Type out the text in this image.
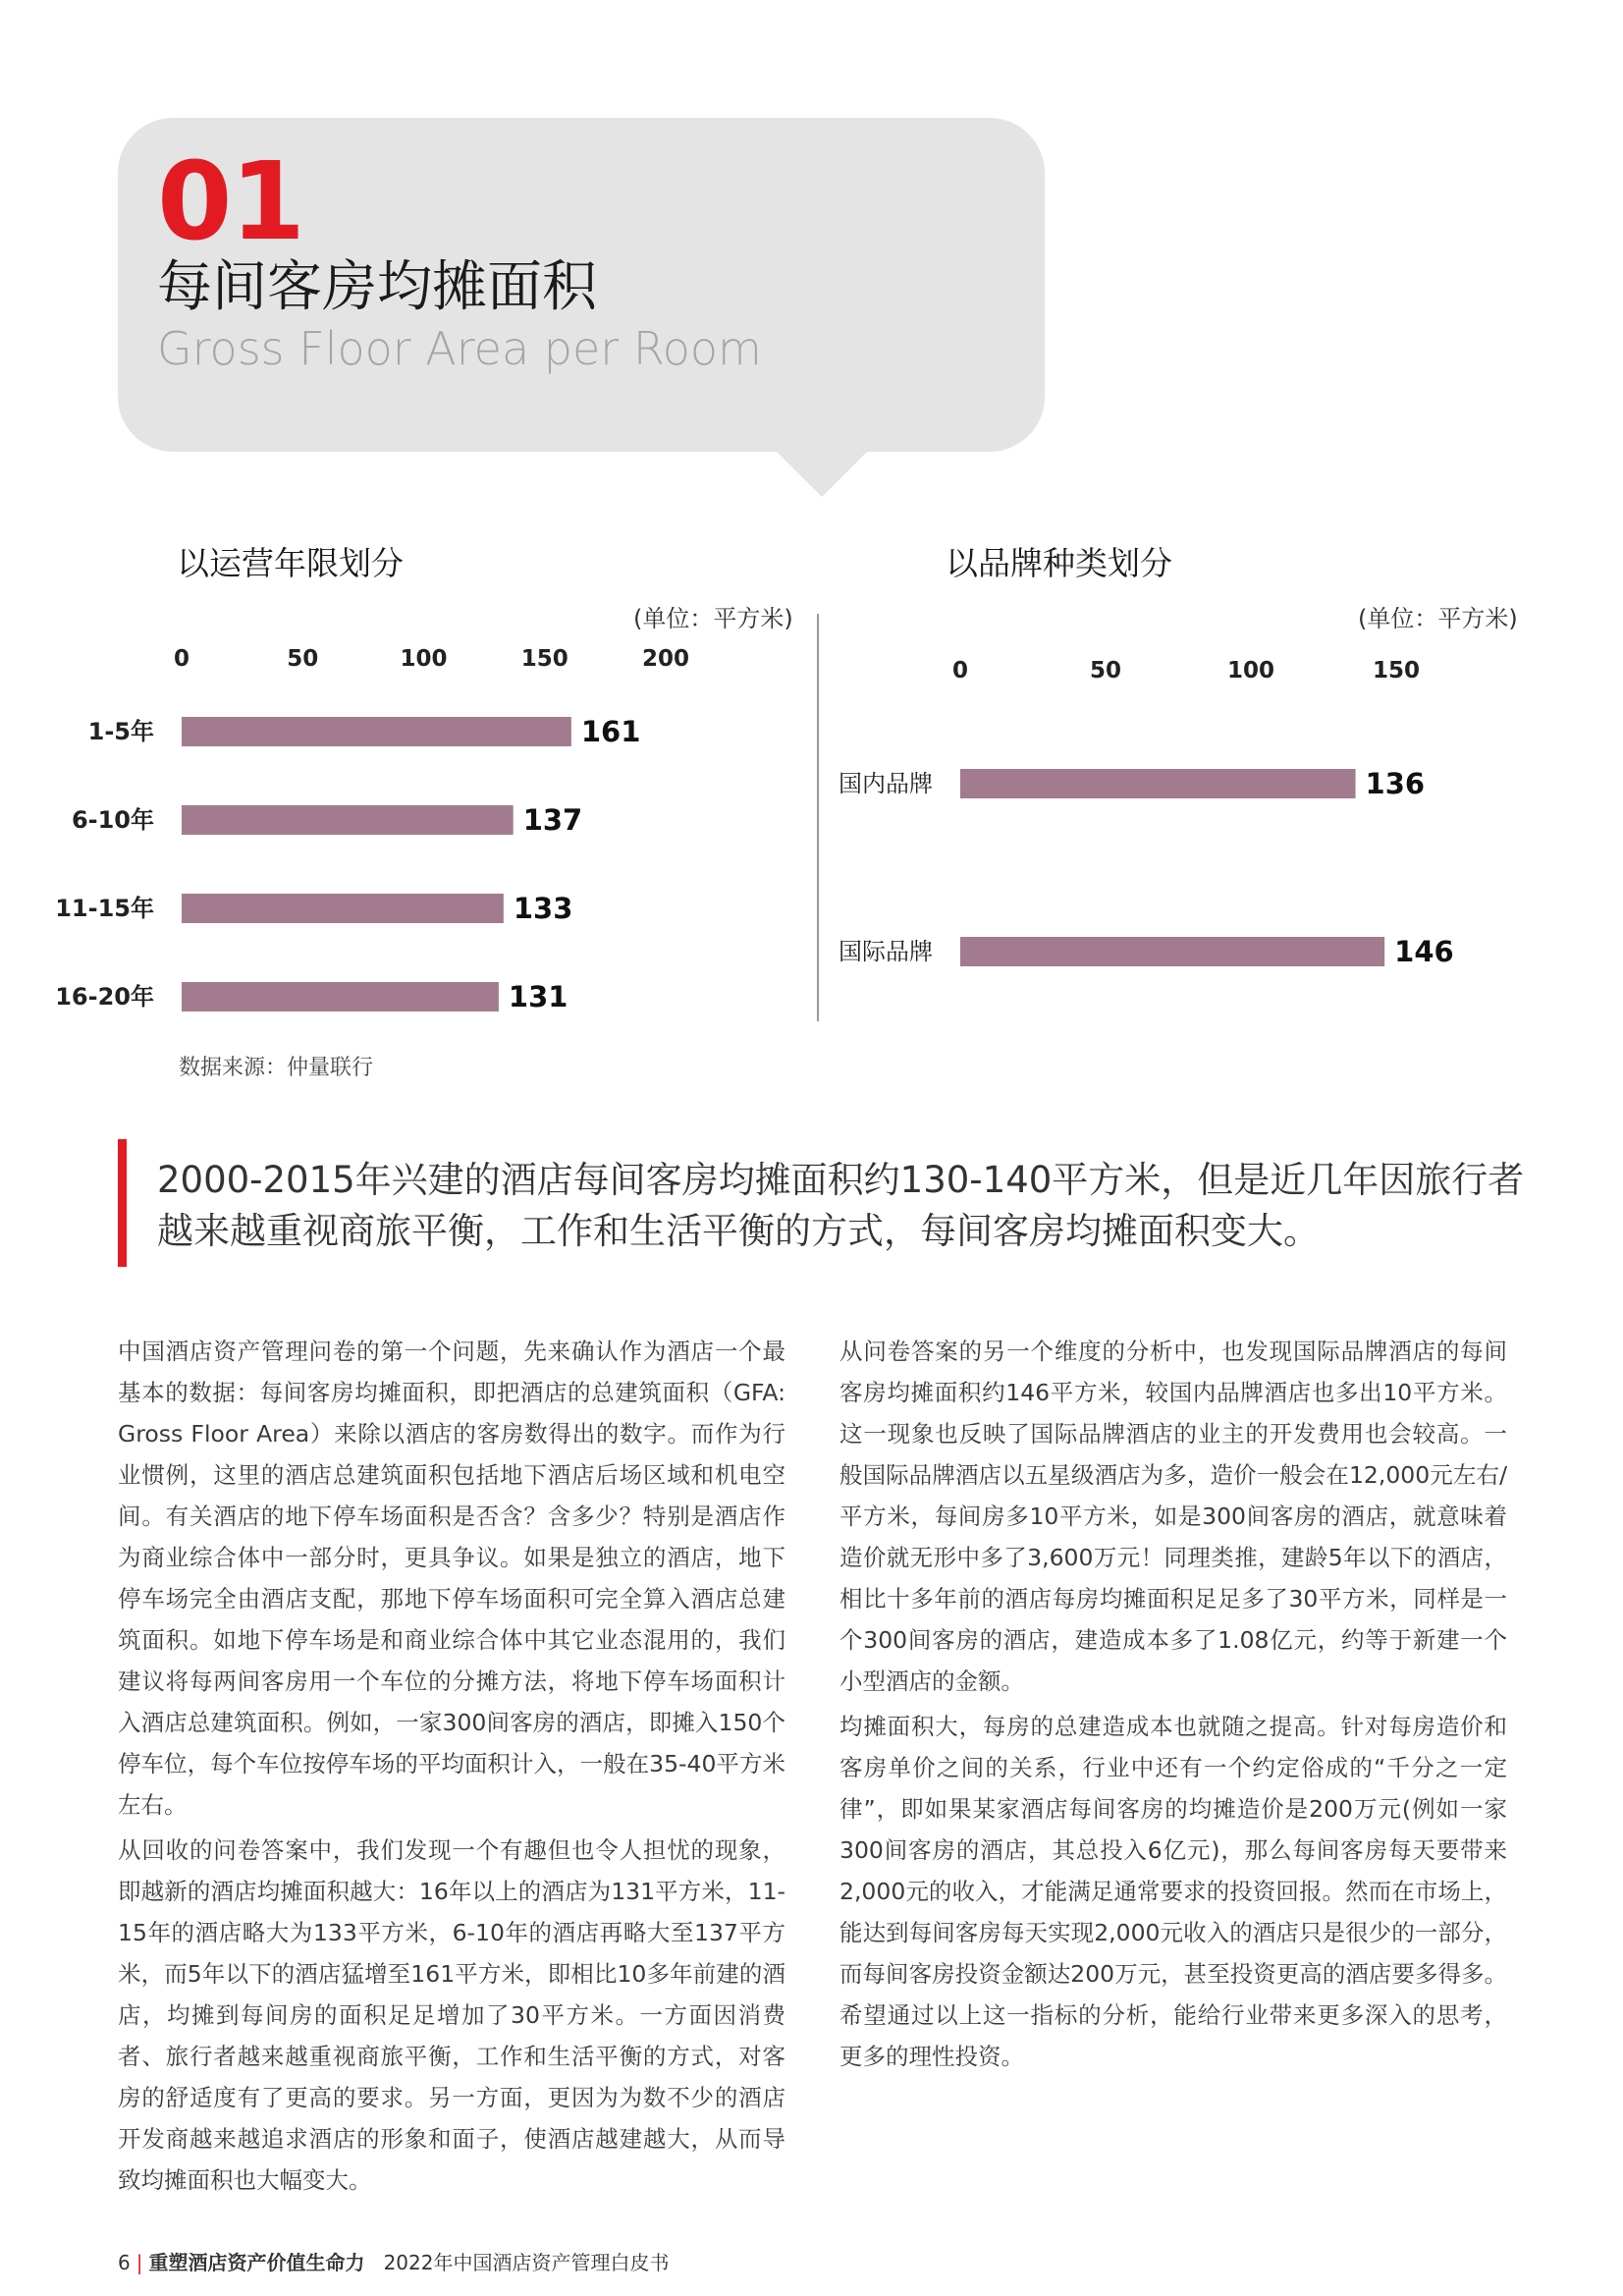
01
每间客房均摊面积
Gross Floor Area per Room
以运营年限划分
(单位：平方米)
0	50	100	150	200
1-5年	161
6-10年	137
11-15年	133
16-20年	131
以品牌种类划分
(单位：平方米)
0	50	100	150
国内品牌	136
国际品牌	146
数据来源：仲量联行
2000-2015年兴建的酒店每间客房均摊面积约130-140平方米，但是近几年因旅行者越来越重视商旅平衡，工作和生活平衡的方式，每间客房均摊面积变大。

中国酒店资产管理问卷的第一个问题，先来确认作为酒店一个最基本的数据：每间客房均摊面积，即把酒店的总建筑面积（GFA: Gross Floor Area）来除以酒店的客房数得出的数字。而作为行业惯例，这里的酒店总建筑面积包括地下酒店后场区域和机电空间。有关酒店的地下停车场面积是否含？含多少？特别是酒店作为商业综合体中一部分时，更具争议。如果是独立的酒店，地下停车场完全由酒店支配，那地下停车场面积可完全算入酒店总建筑面积。如地下停车场是和商业综合体中其它业态混用的，我们建议将每两间客房用一个车位的分摊方法，将地下停车场面积计入酒店总建筑面积。例如，一家300间客房的酒店，即摊入150个停车位，每个车位按停车场的平均面积计入，一般在35-40平方米左右。

从回收的问卷答案中，我们发现一个有趣但也令人担忧的现象，即越新的酒店均摊面积越大：16年以上的酒店为131平方米，11-15年的酒店略大为133平方米，6-10年的酒店再略大至137平方米，而5年以下的酒店猛增至161平方米，即相比10多年前建的酒店，均摊到每间房的面积足足增加了30平方米。一方面因消费者、旅行者越来越重视商旅平衡，工作和生活平衡的方式，对客房的舒适度有了更高的要求。另一方面，更因为为数不少的酒店开发商越来越追求酒店的形象和面子，使酒店越建越大，从而导致均摊面积也大幅变大。

从问卷答案的另一个维度的分析中，也发现国际品牌酒店的每间客房均摊面积约146平方米，较国内品牌酒店也多出10平方米。这一现象也反映了国际品牌酒店的业主的开发费用也会较高。一般国际品牌酒店以五星级酒店为多，造价一般会在12,000元左右/平方米，每间房多10平方米，如是300间客房的酒店，就意味着造价就无形中多了3,600万元！同理类推，建龄5年以下的酒店，相比十多年前的酒店每房均摊面积足足多了30平方米，同样是一个300间客房的酒店，建造成本多了1.08亿元，约等于新建一个小型酒店的金额。

均摊面积大，每房的总建造成本也就随之提高。针对每房造价和客房单价之间的关系，行业中还有一个约定俗成的“千分之一定律”，即如果某家酒店每间客房的均摊造价是200万元(例如一家300间客房的酒店，其总投入6亿元)，那么每间客房每天要带来2,000元的收入，才能满足通常要求的投资回报。然而在市场上，能达到每间客房每天实现2,000元收入的酒店只是很少的一部分，而每间客房投资金额达200万元，甚至投资更高的酒店要多得多。希望通过以上这一指标的分析，能给行业带来更多深入的思考，更多的理性投资。

6 | 重塑酒店资产价值生命力 2022年中国酒店资产管理白皮书
